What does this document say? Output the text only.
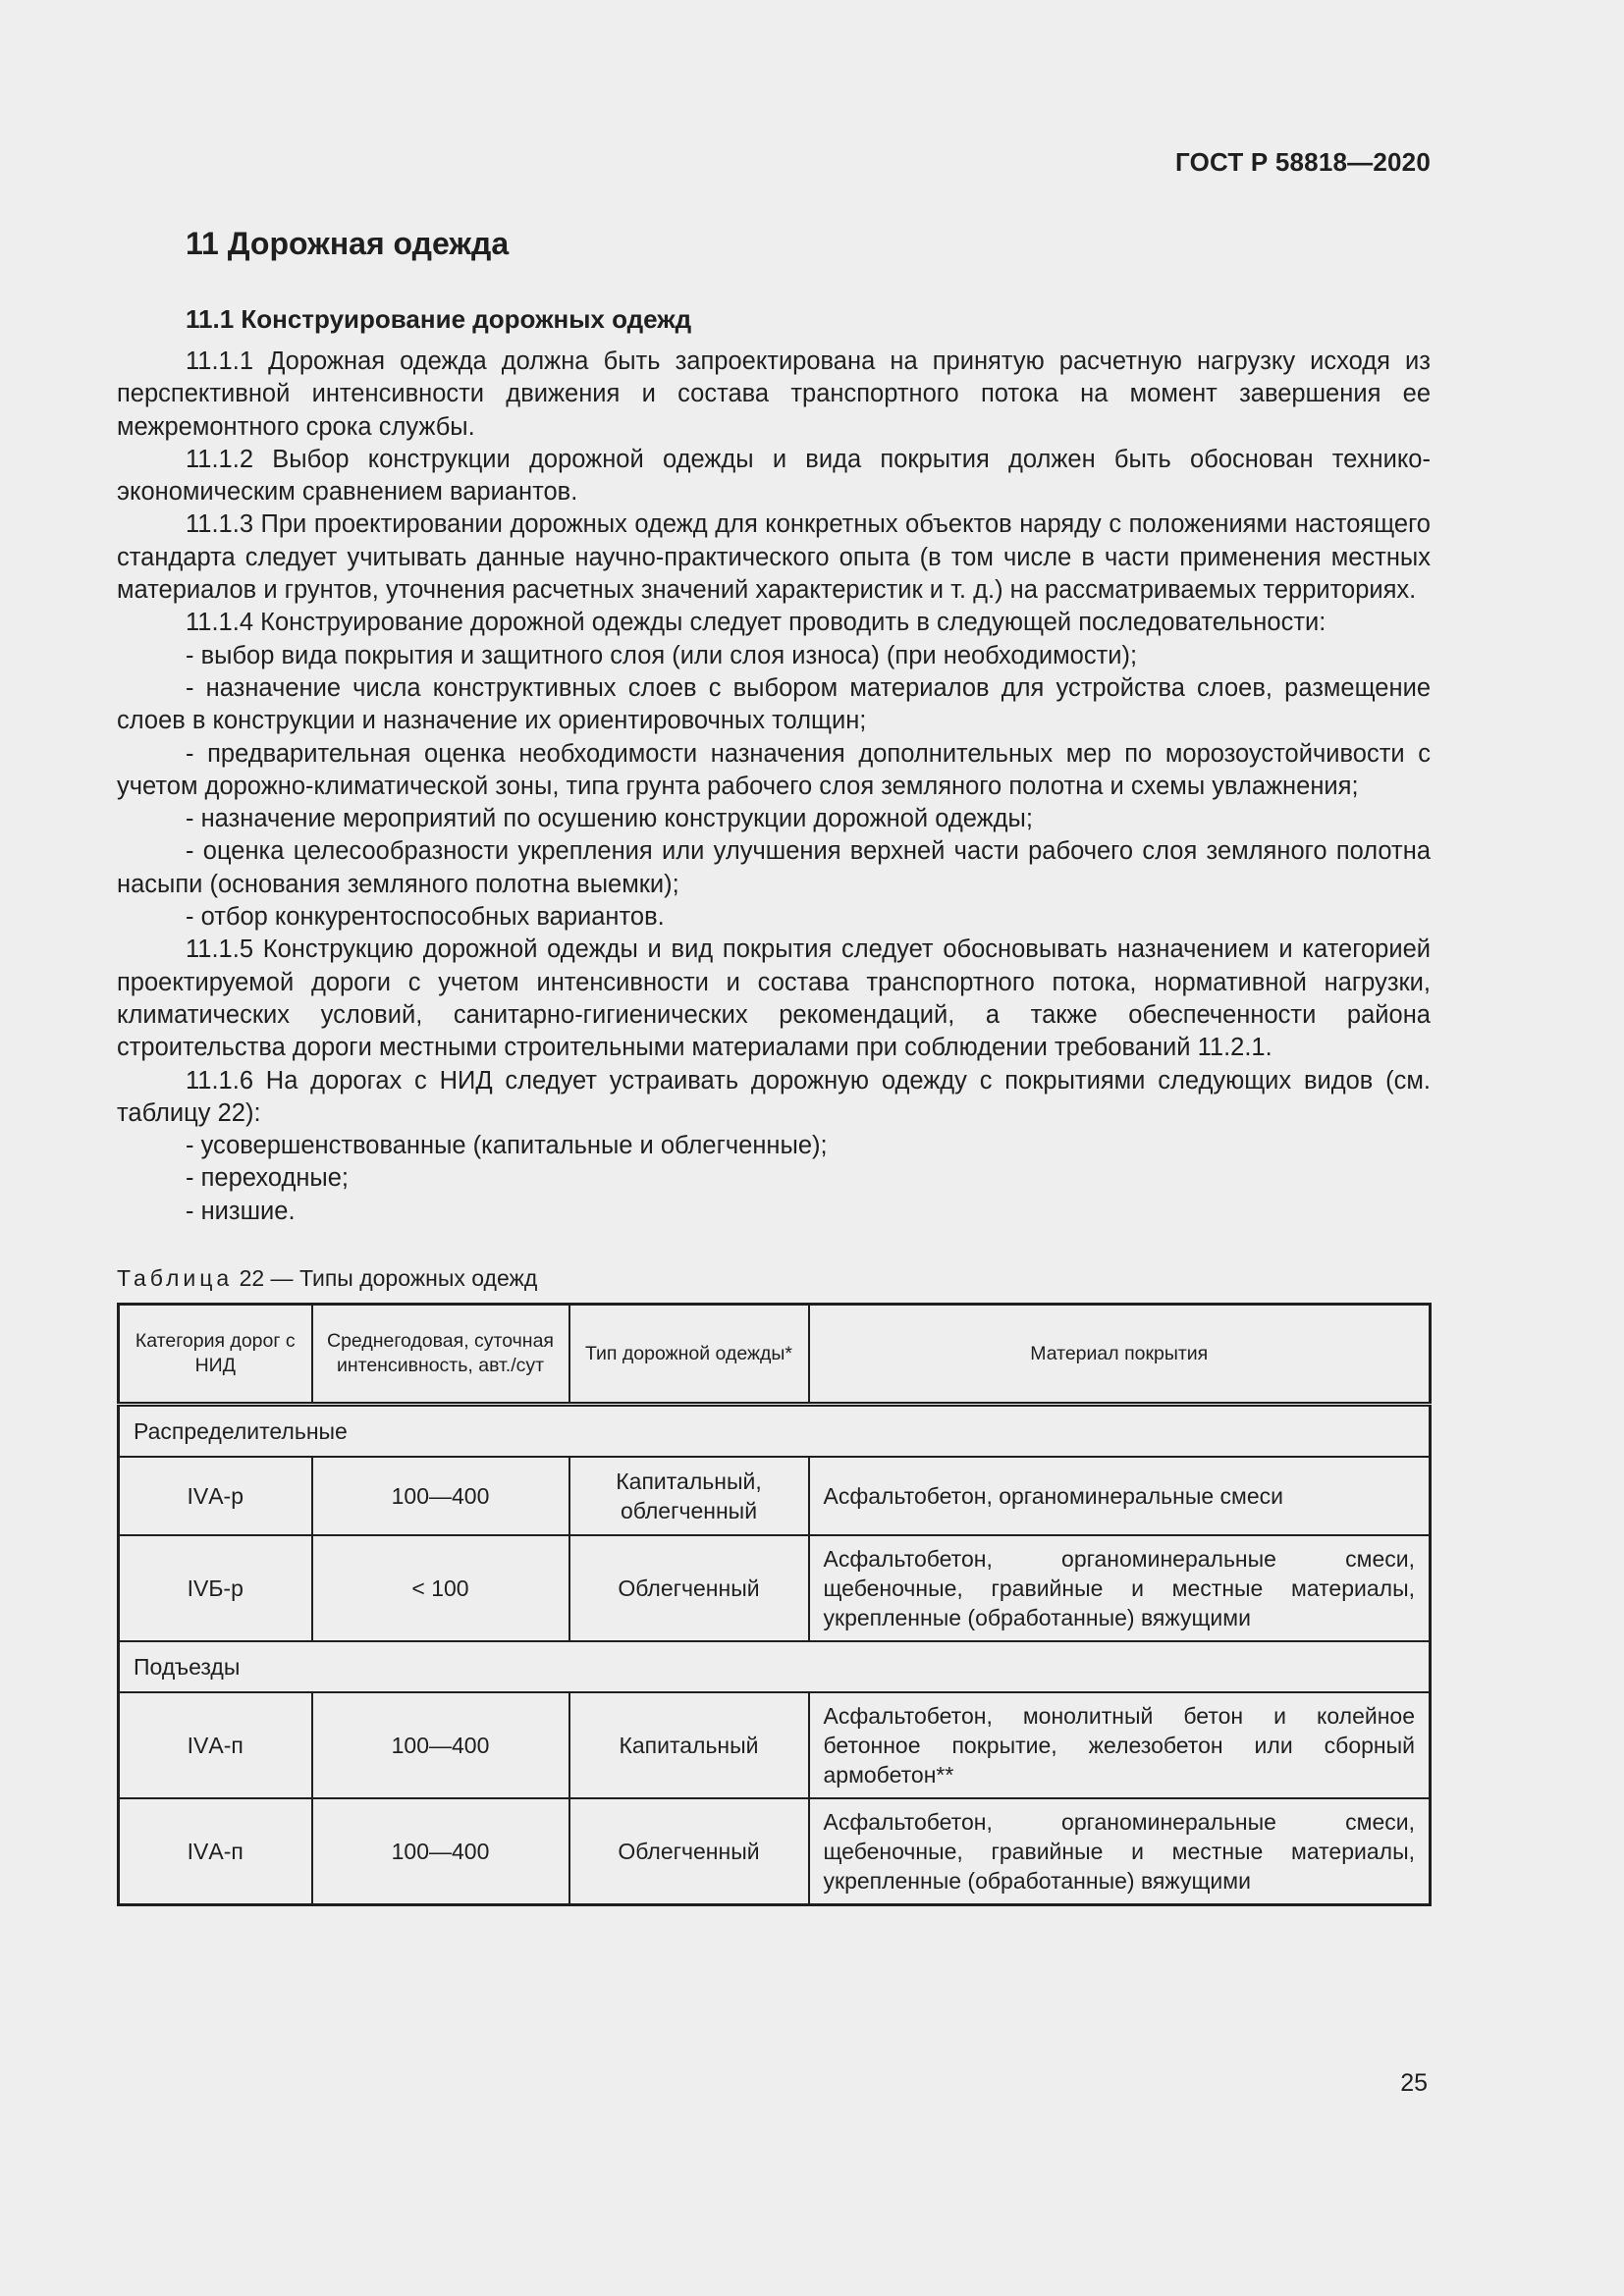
ГОСТ Р 58818—2020
11 Дорожная одежда
11.1 Конструирование дорожных одежд

11.1.1 Дорожная одежда должна быть запроектирована на принятую расчетную нагрузку исходя из перспективной интенсивности движения и состава транспортного потока на момент завершения ее межремонтного срока службы.

11.1.2 Выбор конструкции дорожной одежды и вида покрытия должен быть обоснован технико-экономическим сравнением вариантов.

11.1.3 При проектировании дорожных одежд для конкретных объектов наряду с положениями настоящего стандарта следует учитывать данные научно-практического опыта (в том числе в части применения местных материалов и грунтов, уточнения расчетных значений характеристик и т. д.) на рассматриваемых территориях.

11.1.4 Конструирование дорожной одежды следует проводить в следующей последовательности:

- выбор вида покрытия и защитного слоя (или слоя износа) (при необходимости);

- назначение числа конструктивных слоев с выбором материалов для устройства слоев, размещение слоев в конструкции и назначение их ориентировочных толщин;

- предварительная оценка необходимости назначения дополнительных мер по морозоустойчивости с учетом дорожно-климатической зоны, типа грунта рабочего слоя земляного полотна и схемы увлажнения;

- назначение мероприятий по осушению конструкции дорожной одежды;

- оценка целесообразности укрепления или улучшения верхней части рабочего слоя земляного полотна насыпи (основания земляного полотна выемки);

- отбор конкурентоспособных вариантов.

11.1.5 Конструкцию дорожной одежды и вид покрытия следует обосновывать назначением и категорией проектируемой дороги с учетом интенсивности и состава транспортного потока, нормативной нагрузки, климатических условий, санитарно-гигиенических рекомендаций, а также обеспеченности района строительства дороги местными строительными материалами при соблюдении требований 11.2.1.

11.1.6 На дорогах с НИД следует устраивать дорожную одежду с покрытиями следующих видов (см. таблицу 22):

- усовершенствованные (капитальные и облегченные);

- переходные;

- низшие.

Таблица 22 — Типы дорожных одежд
Категория дорог с НИД	Среднегодовая, суточная интенсивность, авт./сут	Тип дорожной одежды*	Материал покрытия
Распределительные			
IVА-р	100—400	Капитальный, облегченный	Асфальтобетон, органоминеральные смеси
IVБ-р	< 100	Облегченный	Асфальтобетон, органоминеральные смеси, щебеночные, гравийные и местные материалы, укрепленные (обработанные) вяжущими
Подъезды			
IVА-п	100—400	Капитальный	Асфальтобетон, монолитный бетон и колейное бетонное покрытие, железобетон или сборный армобетон**
IVА-п	100—400	Облегченный	Асфальтобетон, органоминеральные смеси, щебеночные, гравийные и местные материалы, укрепленные (обработанные) вяжущими
25
